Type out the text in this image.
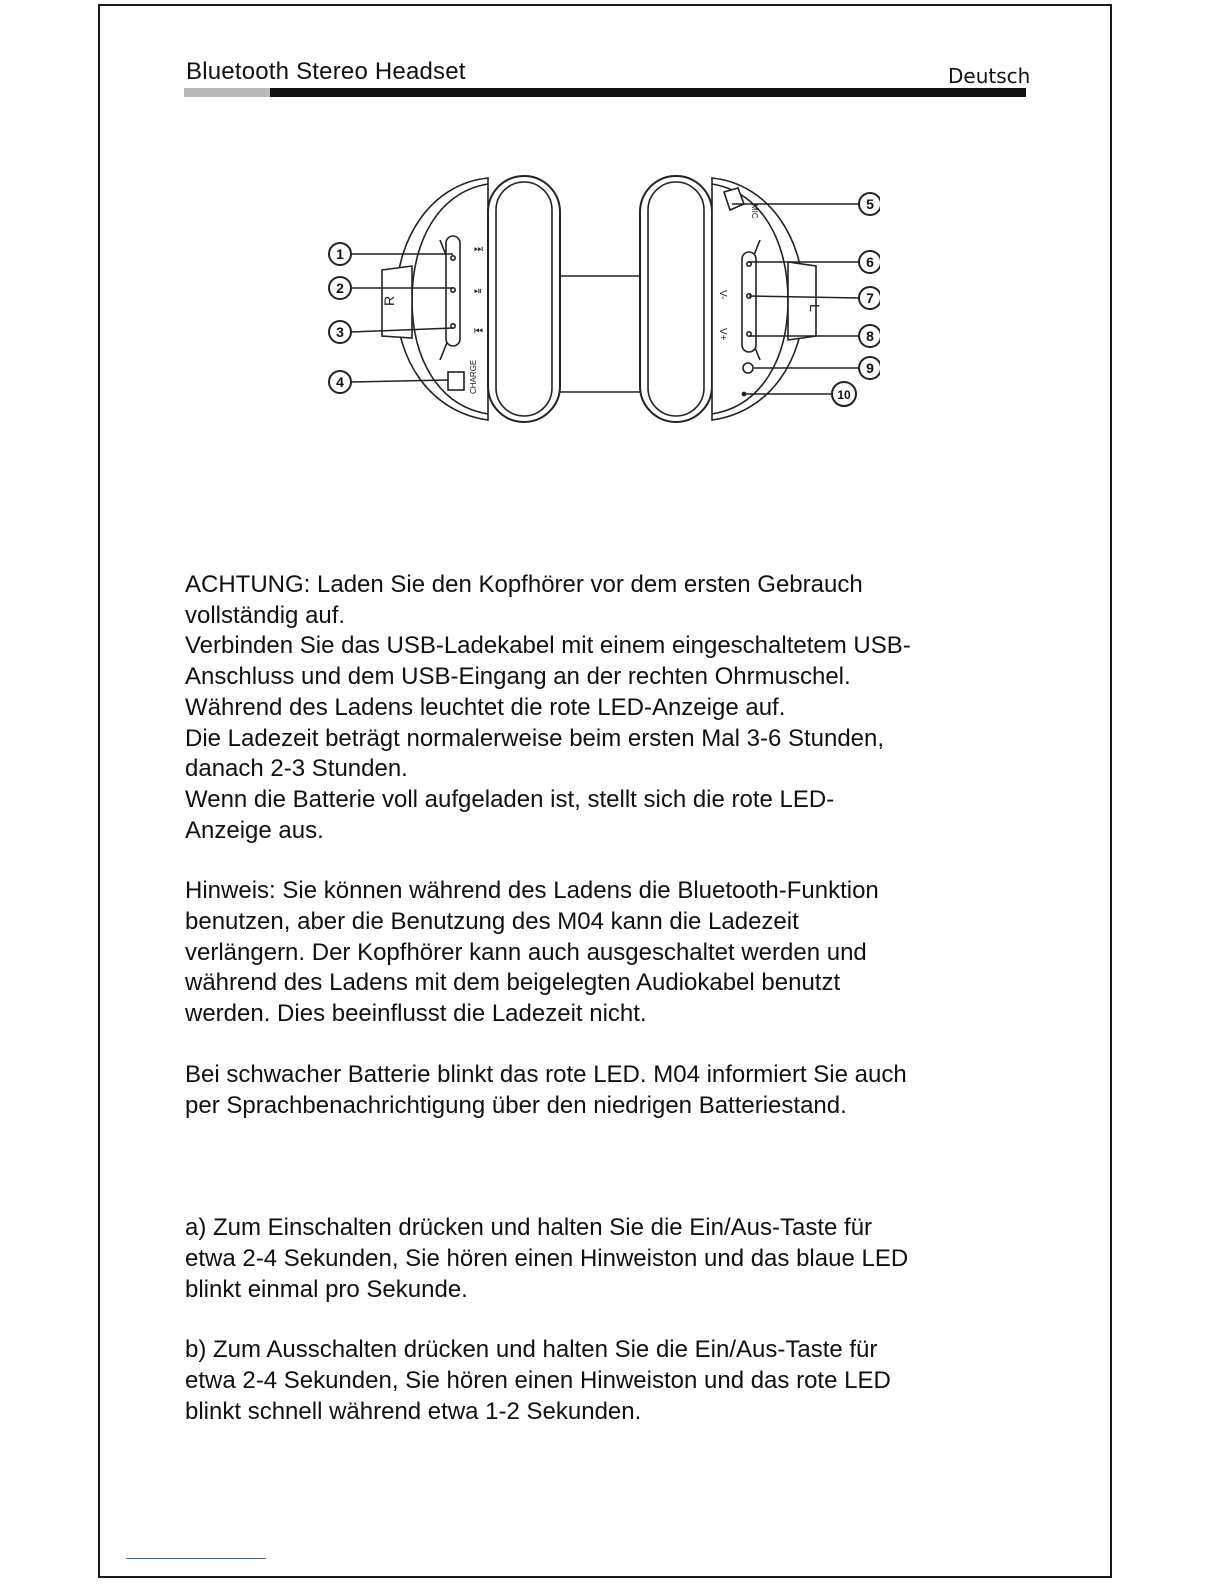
Bluetooth Stereo Headset	Deutsch
CHARGE
R
⏭
⏯
⏮
MIC
V-
V+
L
1
2
3
4
5
6
7
8
9
10

ACHTUNG: Laden Sie den Kopfhörer vor dem ersten Gebrauch

vollständig auf.

Verbinden Sie das USB-Ladekabel mit einem eingeschaltetem USB-

Anschluss und dem USB-Eingang an der rechten Ohrmuschel.

Während des Ladens leuchtet die rote LED-Anzeige auf.

Die Ladezeit beträgt normalerweise beim ersten Mal 3-6 Stunden,

danach 2-3 Stunden.

Wenn die Batterie voll aufgeladen ist, stellt sich die rote LED-

Anzeige aus.

Hinweis: Sie können während des Ladens die Bluetooth-Funktion

benutzen, aber die Benutzung des M04 kann die Ladezeit

verlängern. Der Kopfhörer kann auch ausgeschaltet werden und

während des Ladens mit dem beigelegten Audiokabel benutzt

werden. Dies beeinflusst die Ladezeit nicht.

Bei schwacher Batterie blinkt das rote LED. M04 informiert Sie auch

per Sprachbenachrichtigung über den niedrigen Batteriestand.

a) Zum Einschalten drücken und halten Sie die Ein/Aus-Taste für

etwa 2-4 Sekunden, Sie hören einen Hinweiston und das blaue LED

blinkt einmal pro Sekunde.

b) Zum Ausschalten drücken und halten Sie die Ein/Aus-Taste für

etwa 2-4 Sekunden, Sie hören einen Hinweiston und das rote LED

blinkt schnell während etwa 1-2 Sekunden.
